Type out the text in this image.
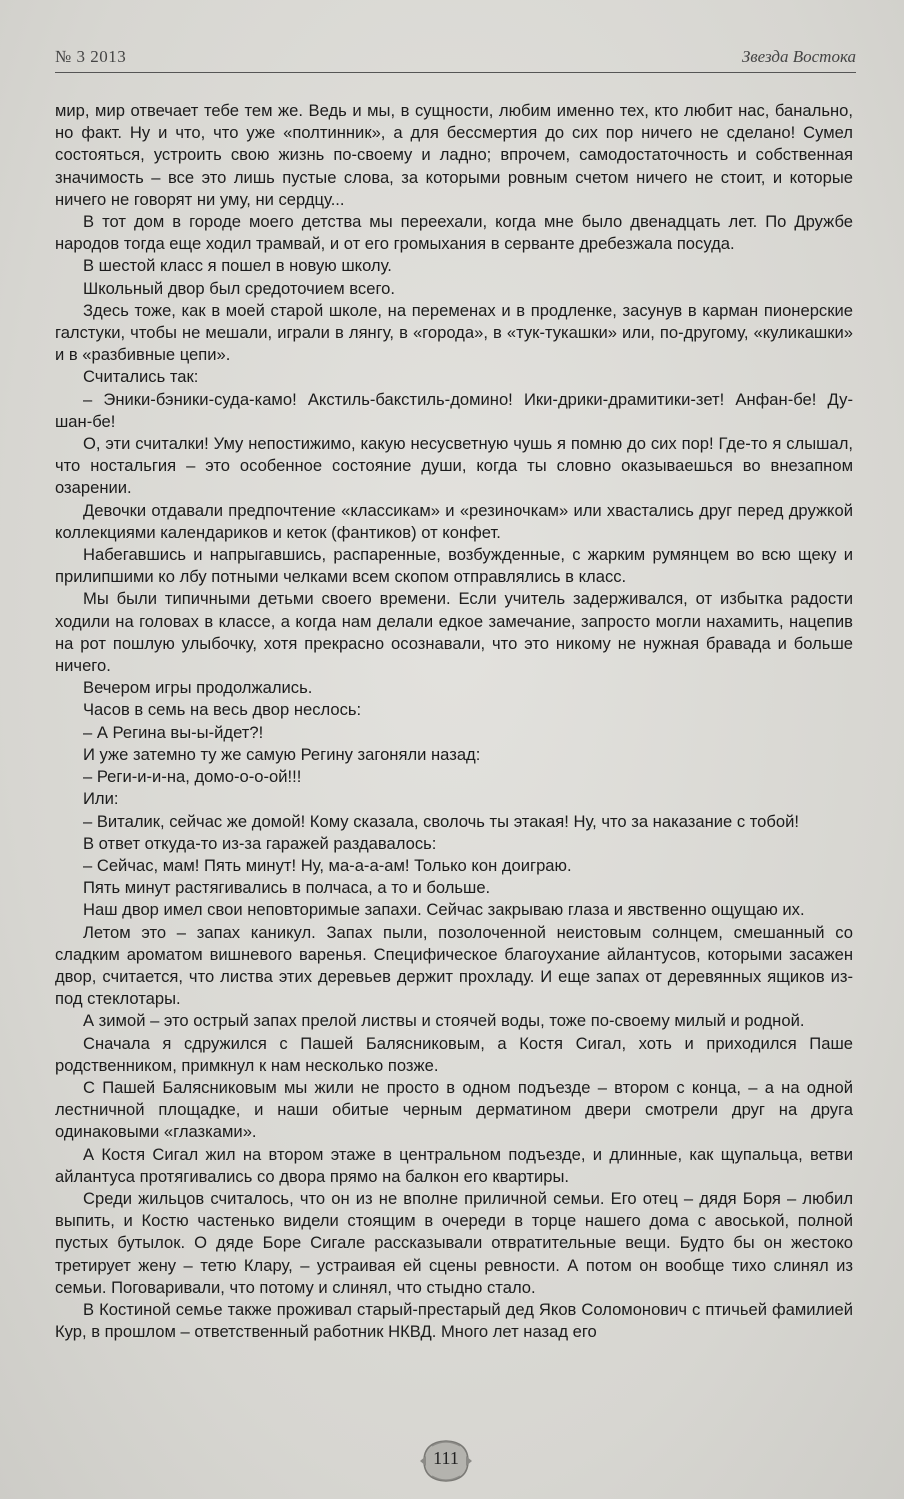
№ 3 2013	Звезда Востока

мир, мир отвечает тебе тем же. Ведь и мы, в сущности, любим именно тех, кто любит нас, банально, но факт. Ну и что, что уже «полтинник», а для бессмертия до сих пор ничего не сделано! Сумел состояться, устроить свою жизнь по-своему и ладно; впрочем, самодостаточность и собственная значимость – все это лишь пустые слова, за которыми ровным счетом ничего не стоит, и которые ничего не говорят ни уму, ни сердцу...

В тот дом в городе моего детства мы переехали, когда мне было двенадцать лет. По Дружбе народов тогда еще ходил трамвай, и от его громыхания в серванте дребезжала посуда.

В шестой класс я пошел в новую школу.

Школьный двор был средоточием всего.

Здесь тоже, как в моей старой школе, на переменах и в продленке, засунув в карман пионерские галстуки, чтобы не мешали, играли в лянгу, в «города», в «тук-тукашки» или, по-другому, «куликашки» и в «разбивные цепи».

Считались так:

– Эники-бэники-суда-камо! Акстиль-бакстиль-домино! Ики-дрики-драмитики-зет! Анфан-бе! Ду-шан-бе!

О, эти считалки! Уму непостижимо, какую несусветную чушь я помню до сих пор! Где-то я слышал, что ностальгия – это особенное состояние души, когда ты словно оказываешься во внезапном озарении.

Девочки отдавали предпочтение «классикам» и «резиночкам» или хвастались друг перед дружкой коллекциями календариков и кеток (фантиков) от конфет.

Набегавшись и напрыгавшись, распаренные, возбужденные, с жарким румянцем во всю щеку и прилипшими ко лбу потными челками всем скопом отправлялись в класс.

Мы были типичными детьми своего времени. Если учитель задерживался, от избытка радости ходили на головах в классе, а когда нам делали едкое замечание, запросто могли нахамить, нацепив на рот пошлую улыбочку, хотя прекрасно осознавали, что это никому не нужная бравада и больше ничего.

Вечером игры продолжались.

Часов в семь на весь двор неслось:

– А Регина вы-ы-йдет?!

И уже затемно ту же самую Регину загоняли назад:

– Реги-и-и-на, домо-о-о-ой!!!

Или:

– Виталик, сейчас же домой! Кому сказала, сволочь ты этакая! Ну, что за наказание с тобой!

В ответ откуда-то из-за гаражей раздавалось:

– Сейчас, мам! Пять минут! Ну, ма-а-а-ам! Только кон доиграю.

Пять минут растягивались в полчаса, а то и больше.

Наш двор имел свои неповторимые запахи. Сейчас закрываю глаза и явственно ощущаю их.

Летом это – запах каникул. Запах пыли, позолоченной неистовым солнцем, смешанный со сладким ароматом вишневого варенья. Специфическое благоухание айлантусов, которыми засажен двор, считается, что листва этих деревьев держит прохладу. И еще запах от деревянных ящиков из-под стеклотары.

А зимой – это острый запах прелой листвы и стоячей воды, тоже по-своему милый и родной.

Сначала я сдружился с Пашей Балясниковым, а Костя Сигал, хоть и приходился Паше родственником, примкнул к нам несколько позже.

С Пашей Балясниковым мы жили не просто в одном подъезде – втором с конца, – а на одной лестничной площадке, и наши обитые черным дерматином двери смотрели друг на друга одинаковыми «глазками».

А Костя Сигал жил на втором этаже в центральном подъезде, и длинные, как щупальца, ветви айлантуса протягивались со двора прямо на балкон его квартиры.

Среди жильцов считалось, что он из не вполне приличной семьи. Его отец – дядя Боря – любил выпить, и Костю частенько видели стоящим в очереди в торце нашего дома с авоськой, полной пустых бутылок. О дяде Боре Сигале рассказывали отвратительные вещи. Будто бы он жестоко третирует жену – тетю Клару, – устраивая ей сцены ревности. А потом он вообще тихо слинял из семьи. Поговаривали, что потому и слинял, что стыдно стало.

В Костиной семье также проживал старый-престарый дед Яков Соломонович с птичьей фамилией Кур, в прошлом – ответственный работник НКВД. Много лет назад его

111
